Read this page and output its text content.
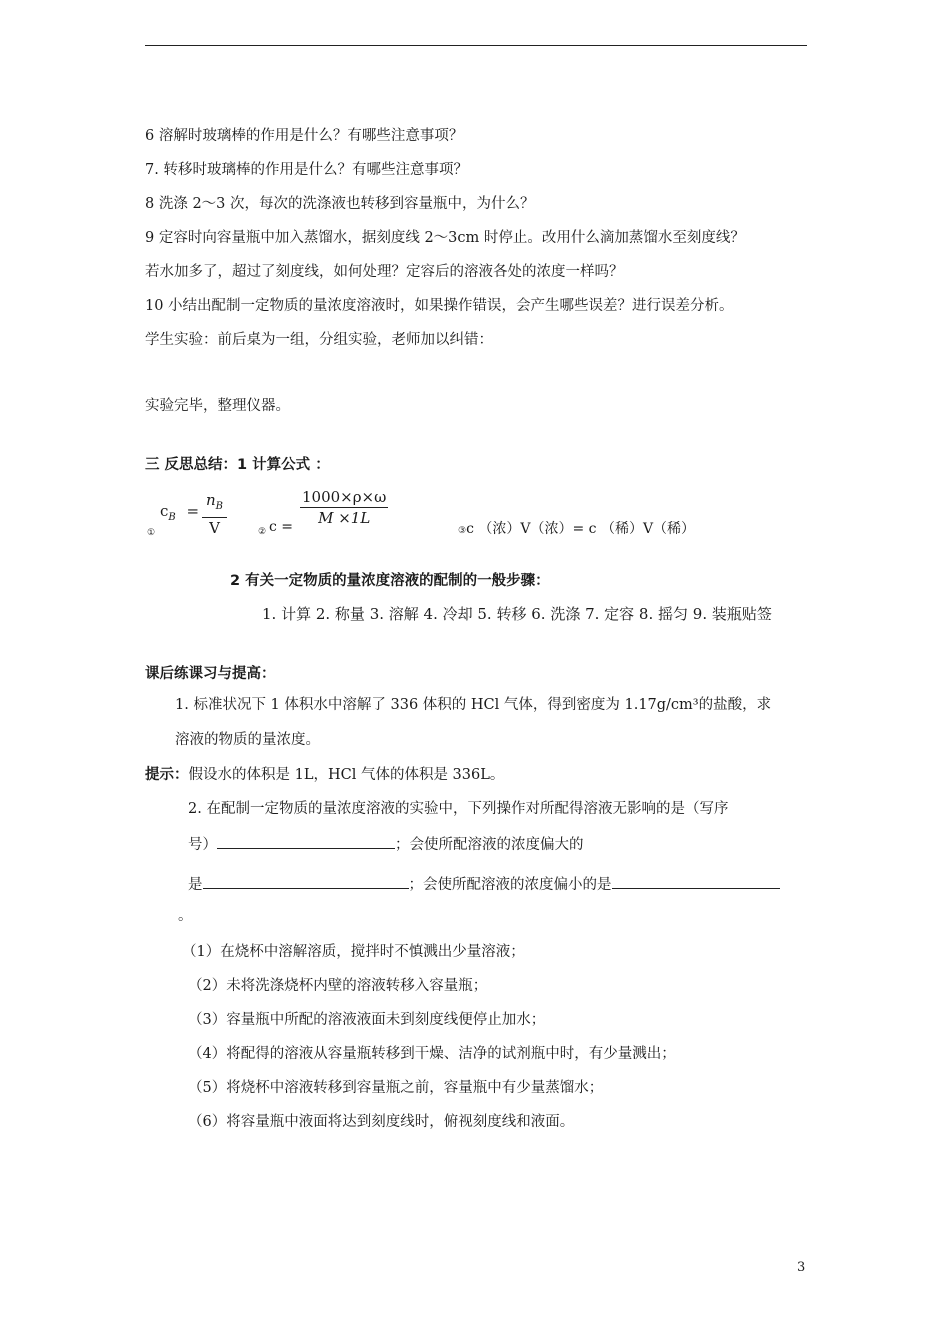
6 溶解时玻璃棒的作用是什么？有哪些注意事项？
7. 转移时玻璃棒的作用是什么？有哪些注意事项？
8 洗涤 2～3 次，每次的洗涤液也转移到容量瓶中，为什么？
9 定容时向容量瓶中加入蒸馏水，据刻度线 2～3cm 时停止。改用什么滴加蒸馏水至刻度线？
若水加多了，超过了刻度线，如何处理？定容后的溶液各处的浓度一样吗？
10 小结出配制一定物质的量浓度溶液时，如果操作错误，会产生哪些误差？进行误差分析。
学生实验：前后桌为一组，分组实验，老师加以纠错：
实验完毕，整理仪器。
三 反思总结：1 计算公式 ：
①
$c_B = \frac{n_B}{V}$	② $c = \frac{1000\times\rho\times\omega}{M \times 1L}$
③c （浓）V（浓）= c （稀）V（稀）
2 有关一定物质的量浓度溶液的配制的一般步骤：
1. 计算 2. 称量 3. 溶解 4. 冷却 5. 转移 6. 洗涤 7. 定容 8. 摇匀 9. 装瓶贴签
课后练课习与提高：
1. 标准状况下 1 体积水中溶解了 336 体积的 HCl 气体，得到密度为 1.17g/cm³的盐酸，求
溶液的物质的量浓度。
提示：假设水的体积是 1L，HCl 气体的体积是 336L。
2. 在配制一定物质的量浓度溶液的实验中，下列操作对所配得溶液无影响的是（写序
号）	；会使所配溶液的浓度偏大的
是	；会使所配溶液的浓度偏小的是
。
（1）在烧杯中溶解溶质，搅拌时不慎溅出少量溶液；
（2）未将洗涤烧杯内壁的溶液转移入容量瓶；
（3）容量瓶中所配的溶液液面未到刻度线便停止加水；
（4）将配得的溶液从容量瓶转移到干燥、洁净的试剂瓶中时，有少量溅出；
（5）将烧杯中溶液转移到容量瓶之前，容量瓶中有少量蒸馏水；
（6）将容量瓶中液面将达到刻度线时，俯视刻度线和液面。
3
